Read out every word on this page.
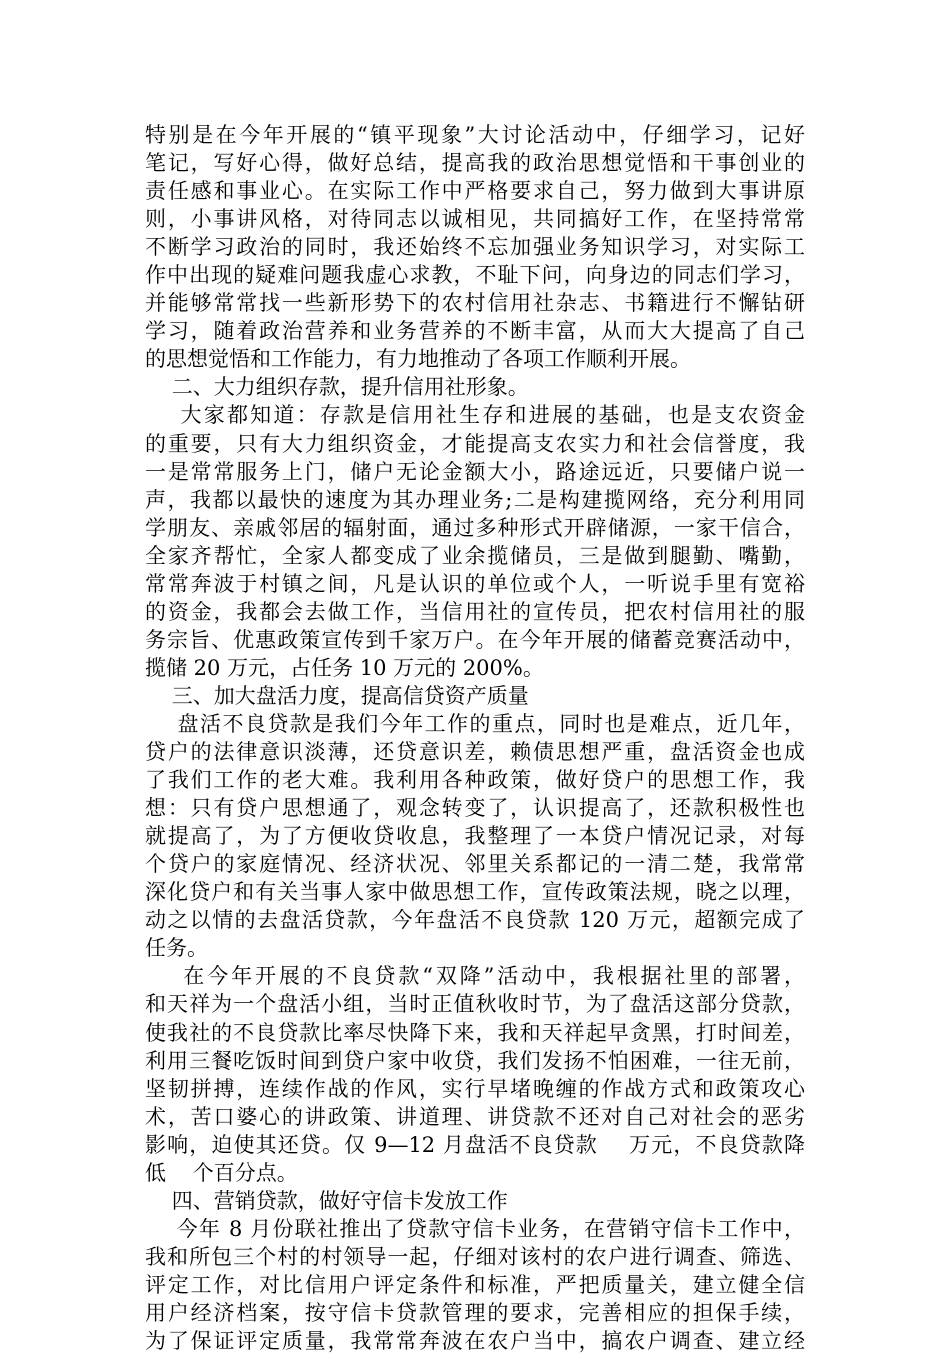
特别是在今年开展的“镇平现象”大讨论活动中，仔细学习，记好
笔记，写好心得，做好总结，提高我的政治思想觉悟和干事创业的
责任感和事业心。在实际工作中严格要求自己，努力做到大事讲原
则，小事讲风格，对待同志以诚相见，共同搞好工作，在坚持常常
不断学习政治的同时，我还始终不忘加强业务知识学习，对实际工
作中出现的疑难问题我虚心求教，不耻下问，向身边的同志们学习，
并能够常常找一些新形势下的农村信用社杂志、书籍进行不懈钻研
学习，随着政治营养和业务营养的不断丰富，从而大大提高了自己
的思想觉悟和工作能力，有力地推动了各项工作顺利开展。
二、大力组织存款，提升信用社形象。
大家都知道：存款是信用社生存和进展的基础，也是支农资金
的重要，只有大力组织资金，才能提高支农实力和社会信誉度，我
一是常常服务上门，储户无论金额大小，路途远近，只要储户说一
声，我都以最快的速度为其办理业务;二是构建揽网络，充分利用同
学朋友、亲戚邻居的辐射面，通过多种形式开辟储源，一家干信合，
全家齐帮忙，全家人都变成了业余揽储员，三是做到腿勤、嘴勤，
常常奔波于村镇之间，凡是认识的单位或个人，一听说手里有宽裕
的资金，我都会去做工作，当信用社的宣传员，把农村信用社的服
务宗旨、优惠政策宣传到千家万户。在今年开展的储蓄竞赛活动中，
揽储 20 万元，占任务 10 万元的 200%。
三、加大盘活力度，提高信贷资产质量
盘活不良贷款是我们今年工作的重点，同时也是难点，近几年，
贷户的法律意识淡薄，还贷意识差，赖债思想严重，盘活资金也成
了我们工作的老大难。我利用各种政策，做好贷户的思想工作，我
想：只有贷户思想通了，观念转变了，认识提高了，还款积极性也
就提高了，为了方便收贷收息，我整理了一本贷户情况记录，对每
个贷户的家庭情况、经济状况、邻里关系都记的一清二楚，我常常
深化贷户和有关当事人家中做思想工作，宣传政策法规，晓之以理，
动之以情的去盘活贷款，今年盘活不良贷款 120 万元，超额完成了
任务。
在今年开展的不良贷款“双降”活动中，我根据社里的部署，
和天祥为一个盘活小组，当时正值秋收时节，为了盘活这部分贷款，
使我社的不良贷款比率尽快降下来，我和天祥起早贪黑，打时间差，
利用三餐吃饭时间到贷户家中收贷，我们发扬不怕困难，一往无前，
坚韧拼搏，连续作战的作风，实行早堵晚缠的作战方式和政策攻心
术，苦口婆心的讲政策、讲道理、讲贷款不还对自己对社会的恶劣
影响，迫使其还贷。仅 9—12 月盘活不良贷款    万元，不良贷款降
低    个百分点。
四、营销贷款，做好守信卡发放工作
今年 8 月份联社推出了贷款守信卡业务，在营销守信卡工作中，
我和所包三个村的村领导一起，仔细对该村的农户进行调查、筛选、
评定工作，对比信用户评定条件和标准，严把质量关，建立健全信
用户经济档案，按守信卡贷款管理的要求，完善相应的担保手续，
为了保证评定质量，我常常奔波在农户当中，搞农户调查、建立经
